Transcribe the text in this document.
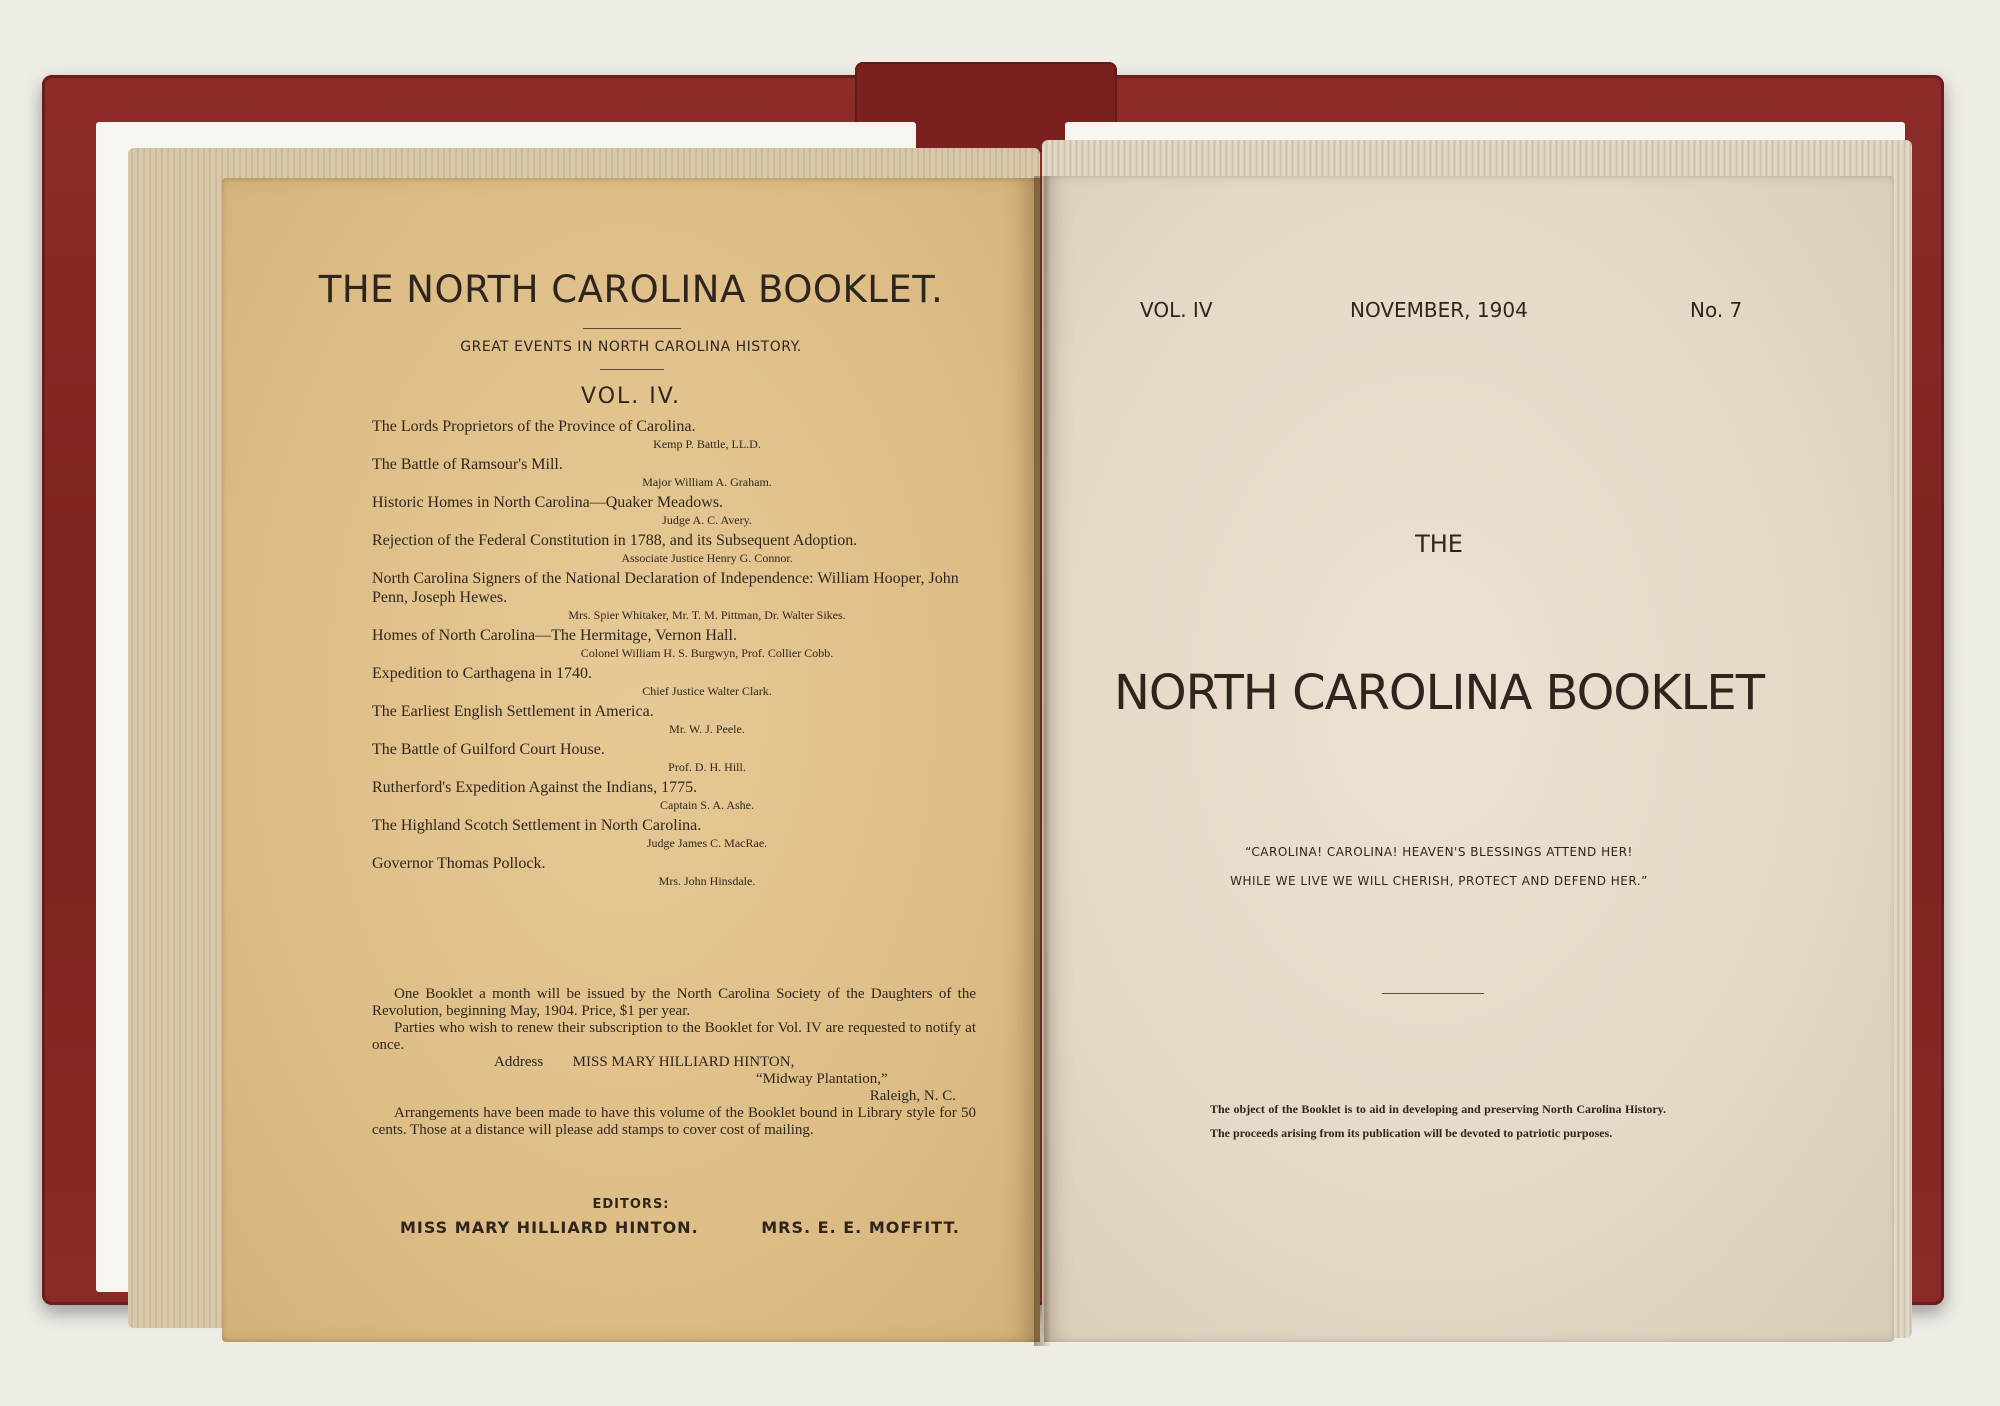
THE NORTH CAROLINA BOOKLET.
GREAT EVENTS IN NORTH CAROLINA HISTORY.
VOL. IV.
The Lords Proprietors of the Province of Carolina.
Kemp P. Battle, LL.D.
The Battle of Ramsour's Mill.
Major William A. Graham.
Historic Homes in North Carolina—Quaker Meadows.
Judge A. C. Avery.
Rejection of the Federal Constitution in 1788, and its Subsequent Adoption.
Associate Justice Henry G. Connor.
North Carolina Signers of the National Declaration of Independence: William Hooper, John Penn, Joseph Hewes.
Mrs. Spier Whitaker, Mr. T. M. Pittman, Dr. Walter Sikes.
Homes of North Carolina—The Hermitage, Vernon Hall.
Colonel William H. S. Burgwyn, Prof. Collier Cobb.
Expedition to Carthagena in 1740.
Chief Justice Walter Clark.
The Earliest English Settlement in America.
Mr. W. J. Peele.
The Battle of Guilford Court House.
Prof. D. H. Hill.
Rutherford's Expedition Against the Indians, 1775.
Captain S. A. Ashe.
The Highland Scotch Settlement in North Carolina.
Judge James C. MacRae.
Governor Thomas Pollock.
Mrs. John Hinsdale.

One Booklet a month will be issued by the North Carolina Society of the Daughters of the Revolution, beginning May, 1904. Price, $1 per year.

Parties who wish to renew their subscription to the Booklet for Vol. IV are requested to notify at once.

Address MISS MARY HILLIARD HINTON,
“Midway Plantation,”
Raleigh, N. C.

Arrangements have been made to have this volume of the Booklet bound in Library style for 50 cents. Those at a distance will please add stamps to cover cost of mailing.

EDITORS:
MISS MARY HILLIARD HINTON.	MRS. E. E. MOFFITT.
VOL. IV	NOVEMBER, 1904	No. 7
THE
NORTH CAROLINA BOOKLET
“CAROLINA! CAROLINA! HEAVEN'S BLESSINGS ATTEND HER!
WHILE WE LIVE WE WILL CHERISH, PROTECT AND DEFEND HER.”
The object of the Booklet is to aid in developing and preserving North Carolina History. The proceeds arising from its publication will be devoted to patriotic purposes.
